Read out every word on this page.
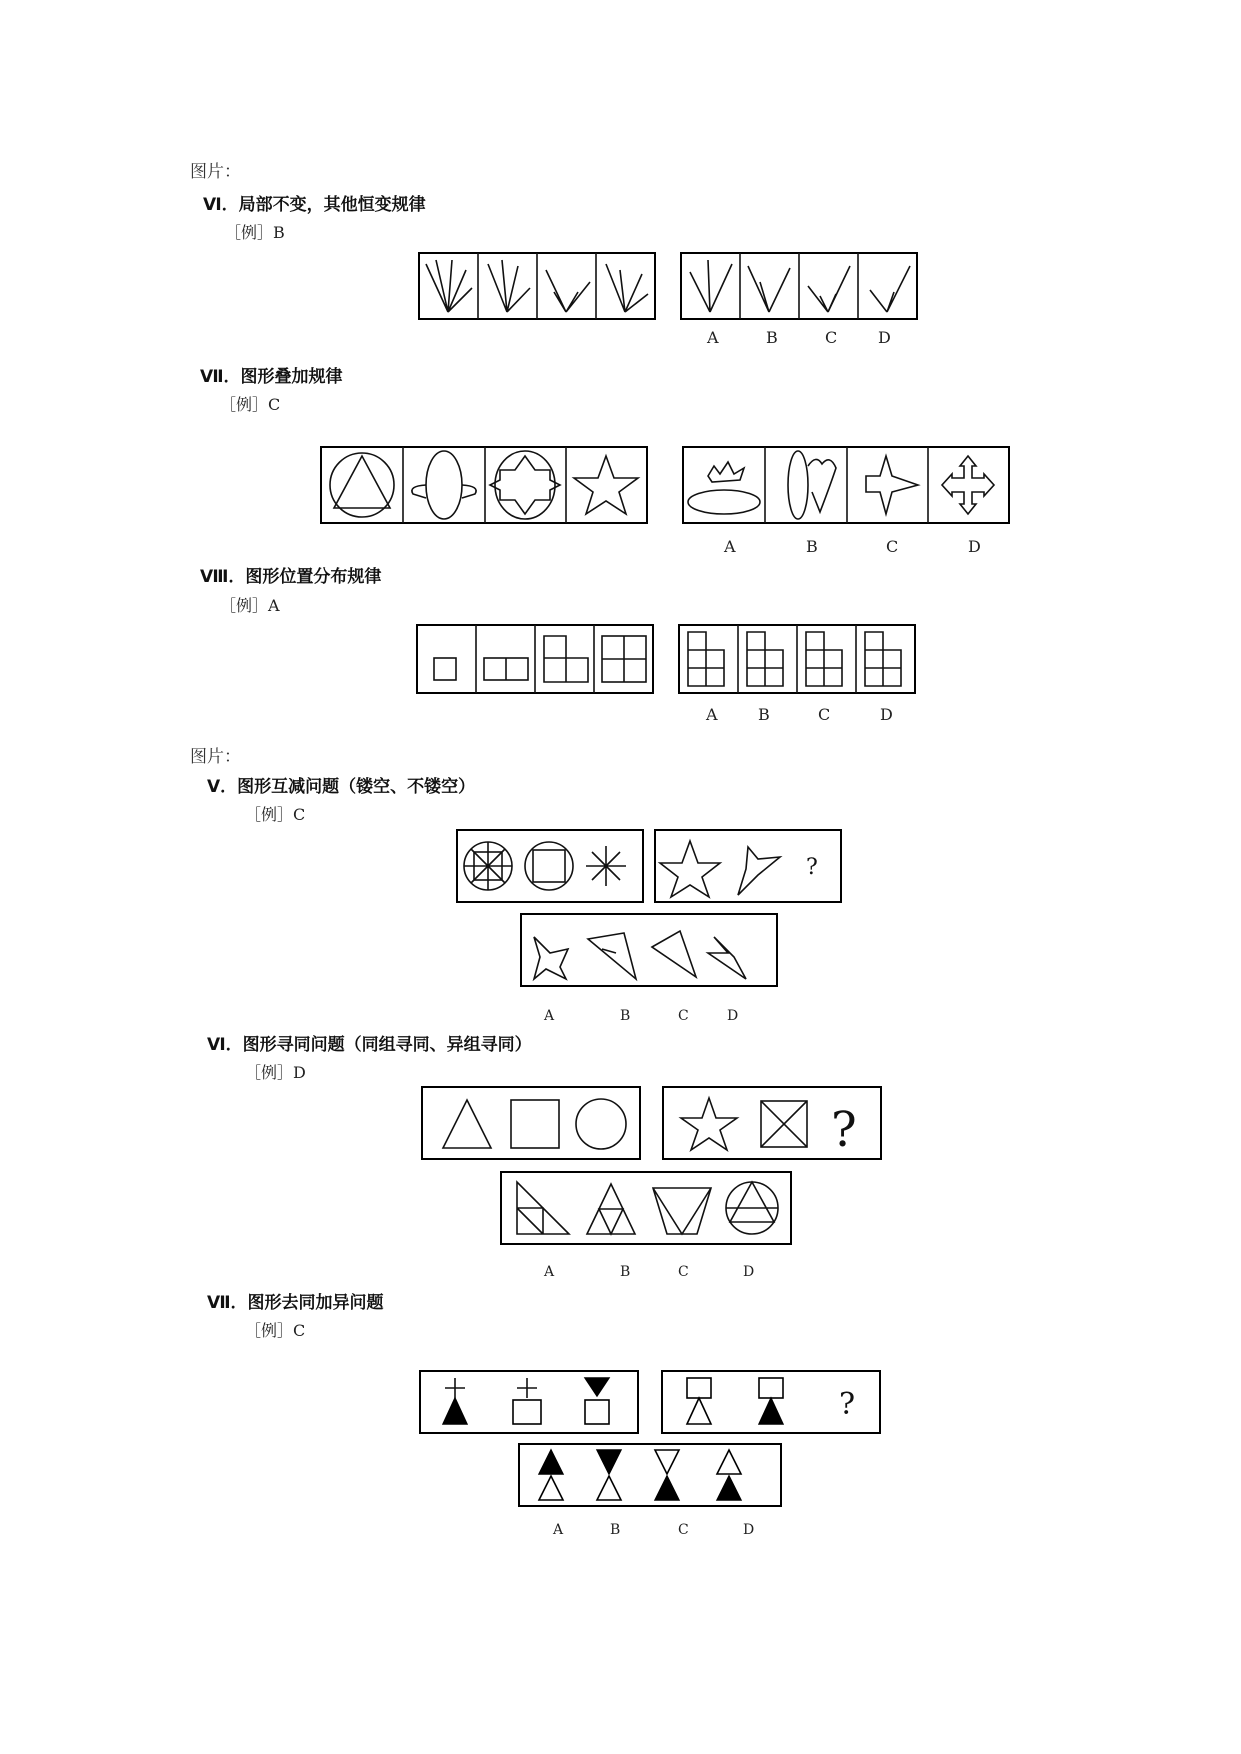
图片：
图片：
Ⅵ．局部不变，其他恒变规律
［例］B
A	B	C	D
Ⅶ．图形叠加规律
［例］C
A	B	C	D
Ⅷ．图形位置分布规律
［例］A
A	B	C	D
Ⅴ．图形互减问题（镂空、不镂空）
［例］C
?
A	B	C	D
Ⅵ．图形寻同问题（同组寻同、异组寻同）
［例］D
?
A	B	C	D
Ⅶ．图形去同加异问题
［例］C
?
A	B	C	D
